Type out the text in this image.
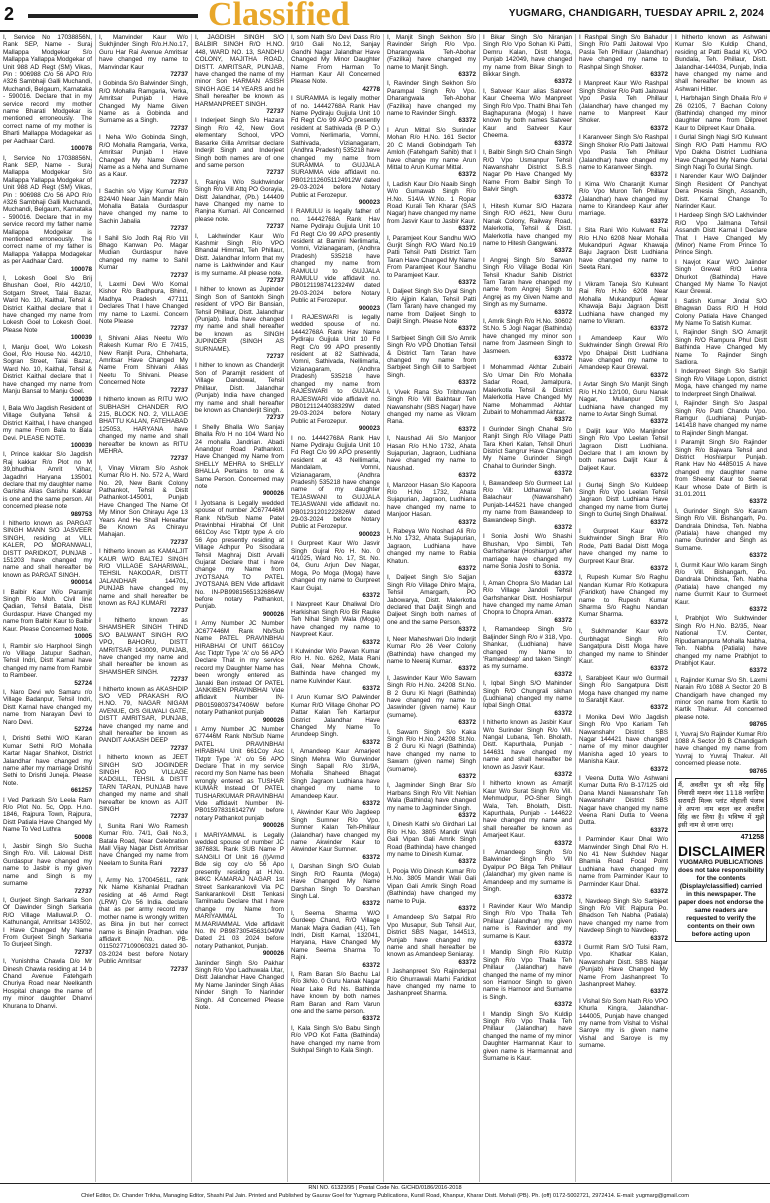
2	Classified	YUGMARG, CHANDIGARH, TUESDAY APRIL 2, 2024
I, Service No 17038856N, Rank SEP, Name - Suraj Mallappa Modgekar S/o Mallappa Yallappa Modgekar of Unit 988 AD Regt (SM) Vikas, Pin : 906988 C/o 56 APO R/o #326 Sambhaji Galli Muchandi, Muchandi, Belgaum, Karnataka - 590016. Declare that in my service record my mother name Bharati Modgekar is mentioned erroneously. The correct name of my mother is Bharti Mallappa Modagekar as per Aadhaar Card.
100078
I, Service No 17038856N, Rank SEP, Name - Suraj Mallappa Modgekar S/o Mallappa Yallappa Modgekar of Unit 988 AD Regt (SM) Vikas, Pin : 906988 C/o 56 APO R/o #326 Sambhaji Galli Muchandi, Muchandi, Belgaum, Karnataka - 590016. Declare that in my service record my father name Mallappa Modgekar is mentioned erroneously. The correct name of my father is Mallappa Yallappa Modagekar as per Aadhaar Card.
100078
I, Lokesh Goel S/o Brij Bhushan Goel, R/o 442/10, Sotgarn Street, Talai Bazar, Ward No. 10, Kaithal, Tehsil & District Kaithal declare that I have changed my name from Lokesh Goel to Lokesh Goel. Please Note
100039
I, Manju Goel, W/o Lokesh Goel, R/o House No. 442/10, Sogran Street, Talai Bazar, Ward No. 10, Kaithal, Tehsil & District Kaithal declare that I have changed my name from Manju Bansal to Manju Goel.
100039
I, Bala W/o Jagdish Resident of Village Gullyana Tehsil & District Kaithal, I have changed my name From Bala to Bala Devi. PLEASE NOTE.
100039
I, Prince kakkar S/o Jagdish Raj kakkar R/o Plot no M 39,bhudhia Amrit Vihar, Jagadhri Haryana 135001 declare that my daughter name Garisha Alias Garishu Kakkar is one and the same person. All concerned please note
989753
I hitherto known as PARGAT SINGH MANN S/O JASVEER SINGH, residing at VILL KALER, PO MORANWALI, DISTT PARIDKOT, PUNJAB - 151203 have changed my name and shall hereafter be known as PARGAT SINGH.
900014
I Balbir Kaur W/o Paramjit Singh R/o Moh. Civil line Qadian, Tehsil Batala, Distt Gurdaspur. Have Changed my name from Balbir Kaur to Balbir Kaur. Please Concerned Note.
10005
I, Rambir s/o Harphool Singh r/o Village Jatupur Sadhan, Tehsil Indri, Distt Karnal have changed my name from Rambir to Rambeer.
52724
I, Naro Devi w/o Samaru r/o Village Badanpur, Tehsil Indri, Distt Karnal have changed my name from Narayan Devi to Naro Devi.
52724
I, Drishti Sethi W/O Karan Kumar Sethi R/O Mohalla Kartar Nagar Shahkot, District Jalandhar have changed my name after my marriage Drishti Sethi to Drishti Juneja. Please Note.
661257
I Ved Parkash S/o Leela Ram R/o Plot No. 5c, Opp. H.no. 1846, Rajpura Town, Rajpura, Distt Patiala Have Changed My Name To Ved Luthra
50008
I, Jasbir Singh S/o Sucha Singh R/o. Vill. Lalowal Distt Gurdaspur have changed my name to Jasbir is my given name and Singh is my surname
72737
I, Gurjeet Singh Sarkaria Son Of Dawinder Singh Sarkaria R/O Village Malluwal.P. O. Kathunangal, Amritsar 143502, I Have Changed My Name From Gurjeet Singh Sarkaria To Gurjeet Singh.
72737
I, Yunishtha Chawla D/o Mr Dinesh Chawla residing at 14 b Chand Avenue Fatehgarh Churiya Road near Neelkanth Hospital change the name of my minor daughter Dhanvi Khurana to Dhanvi.
I, Manvinder Kaur W/o Sukhjinder Singh R/o.H.No.17, Guru Har Rai Avenue Amritsar have changed my name to Manvindar Kaur
72737
I Gobinda S/o Balwinder Singh, R/O Mohalla Ramgaria, Verka, Amritsar Punjab I Have Changed My Name Given Name as a Gobinda and Surname as a Singh.
72737
I Neha W/o Gobinda Singh, R/O Mohalla Ramgaria, Verka, Amritsar Punjab I Have Changed My Name Given Name as a Neha and Surname as a Kaur.
72737
I Sachin s/o Vijay Kumar R/o B24/40 Near Jain Mandir Main Mohalla Batala Gurdaspur have changed my name to Sachin Jabalia
72737
I Sahil S/o Jodh Raj R/o Vill Bhago Kanwan Po. Magar Mudian Gurdaspur have changed my name to Sahil Kumar
72737
I, Laxmi Devi W/o Komal Kishor R/o Badhpura, Bhind, Madhya Pradesh 477111 Declares That I have Changed my name to Laxmi. Concern Note Please
72737
I, Shivani Alias Neetu W/o Rakesh Kumar R/o E 7/415, New Ranjit Pura, Chheharta, Amritsar Have Changed My Name From Shivani Alias Neetu To Shivani. Please Concerned Note
72737
I hitherto known as RITU W/O SUBHASH CHANDER R/O 215, BLOCK NO. 2, VILLAGE BHATTU KALAN, FATEHABAD 125053, HARYANA have changed my name and shall hereafter be known as RITU MEHRA.
72737
I, Vinay Vikram S/o Ashok Kumar R/o H. No. 572 A, Ward No. 29, New Bank Colony Pathankot, Tehsil & Distt Pathankot-145001, Punjab Have Changed The Name Of My Minor Son Chirayu Age 13 Years And He Shall Hereafter Be Known As Chirayu Mahajan.
72737
I hitherto known as KAMALJIT KAUR W/O BALTEJ SINGH R/O VILLAGE SAHARIWAL, TEHSIL NAKODAR, DISTT JALANDHAR 144701, PUNJAB have changed my name and shall hereafter be known as RAJ KUMARI
72737
I hitherto known as SHAMSHER SINGH THIND S/O BALWANT SINGH R/O VPO, BAHORU, DISTT AMRITSAR 143009, PUNJAB, have changed my name and shall hereafter be known as SHAMSHER SINGH.
72737
I hitherto known as AKASHDIP S/O VED PRAKASH R/O H.NO. 79, NAGAR NIGAM AVENUE, O/S GILWALI GATE, DISTT AMRITSAR, PUNJAB, have changed my name and shall hereafter be known as PANDIT AAKASH DEEP
72737
I hitherto known as JEET SINGH S/O JOGINDER SINGH R/O VILLAGE KADGILL, TEHSIL & DISTT TARN TARAN, PUNJAB have changed my name and shall hereafter be known as AJIT SINGH
72737
I, Sunita Rani W/o Ramesh Kumar R/o. 74/1, Gali No.3, Batala Road, Near Celebration Mall Vijay Nagar Distt Amritsar have Changed my name from Neelam to Sunita Rani
72737
I, Army No. 17004561L, rank Nk Name Kishanlal Pradhan residing at 46 Armd Regt (LRW) C/o 56 India. declare that as per army record my mother name is wrongly written as Bina jin but her correct name is Binajin Pradhan. vide affidavit No. PB-01150277109060321 dated 30-03-2024 best before Notary Public Amritsar
72737
I, JAGDISH SINGH S/O BALBIR SINGH R/O H.NO. 448, WARD NO. 13, SANDHU COLONY, MAJITHA ROAD, DISTT. AMRITSAR, PUNJAB, have changed the name of my minor Son HARMAN ASISH SINGH AGE 14 YEARS and he Shall hereafter be known as HARMANPREET SINGH.
72737
I Inderjeet Singh S/o Hazara Singh R/o 42, New Govt elementary School, VPO Basarke Gilla Amritsar declare Inderjit Singh and Inderjeet Singh both names are of one and same person
72737
I, Ranjna W/o Sukhwinder Singh R/o Vill Attq PO Gorayia, Distt Jalandhar, (Pb.) 144409 have Changed my name to Ranjna Kumari. All Concerned please note.
72737
I, Lakhwinder Kaur W/o Kashmir Singh R/o VPO Bhandal Himmat, Teh Phillaur, Distt. Jalandhar Inform that my name is Lakhwinder and Kaur is my surname. All please note.
72737
I hither to known as Jupinder Singh Son of Santokh Singh resident of VPO Bir Bansian, Tehsil Phillaur, Distt. Jalandhar (Punjab). India have changed my name and shall hereafter be known as SINGH JUPINDER (SINGH AS SURNAME).
72737
I hither to known as Chanderjit Son of Paramjit resident of Village Dandowal, Tehsil Phillaur, Distt. Jalandhar (Punjab) India have changed my name and shall hereafter be known as Chanderjit Singh.
72737
I Shelly Bhalla W/o Sanjay Bhalla R/o H no 104 Ward No 24 mohalla Jandrian. Abadi Anandpur Road Pathankot. Have Changed my Name from SHELLY MEHRA to SHELLY BHALLA Pertains to one & Same Person. Concerned may note
900026
I Jyotsana is Legally wedded spouse of number JC677446M Rank Nb/Sub Name Patel Pravinbhai Hirabhai Of Unit 661Coy Asc Tktptr type A c/o 56 Apo presently residing at Village Adhpur Po Sisodara Tehsil Maghraj Distt Arvalli Gujarat Declare that i have change my Name from JYOTSANA TO PATEL JYOTSANA BEN Vide affidavit No. IN-PB99815651326864W before notary Pathankot, Punjab.
900026
I Army Number JC Number JC677446M Rank Nb/Sub Name PATEL PRAVINBHAI HIRABHAI Of UNIT 661Coy Asc Tktptr Type 'A' c/o 56 APO Declare That in my service record my Daughter Name has been wrongly entered as Janaki Ben instead Of PATEL JANKIBEN PRAVINBHAI Vide affidavit Number IN-PB01598037347406W before notary Pathankot punjab
900026
I Army Number JC Number 677446M Rank Nb/Sub Name PATEL PRAVINBHAI HIRABHAI Unit 661Coy Asc Tktptr Type 'A' c/o 56 APO Declare That in my service record my Son Name has been wrongly entered as TUSHAR KUMAR Instead Of PATEL TUSHARKUMAR PRAVINBHAI Vide affidavit Number IN-PB0159783161427W before notary Pathankot punjab
900026
I MARIYAMMAL is Legally wedded spouse of number JC 387683L Rank SUB Name P SANGILI Of Unit 16 (I)Armd Bde sig coy c/o 56 Apo presently residing at H.No. 84KC KAMARAJ NAGAR 1st Street Sankarankovil Via PC Sankarankovil Distt Tenkasi Tamilnadu Declare that I have change my Name from MARIYAMMAL To M.MARIAMMAL Vide affidavit No. IN PB98730545631049W Dated 21 03 2024 before notary Pathankot, Punjab.
900026
Janinder Singh S/o Pakhar Singh R/o Vpo Ladhuwala Utar, Distt Jalandhar Have Changed My Name Janinder Singh Alias Ninder Singh To Narinder Singh. All Concerned Please Note.
I, som Nath S/o Devi Dass R/o 9/10 Gali No.12, Sanjay Gandhi Nagar Jalandhar Have Changed My Minor Daughter Name From Harman To Harman Kaur All Concerned Please Note.
42778
I SURAMMA is legally mother of no. 14442768A Rank Hav Name Pydiraju Gujjula Unit 10 Fd Regt C/o 99 APO presently resident at Sathivada (B P O.) Vomni, Nerlimarla, Vomni, Sathivada, Vizianagaram, (Andhra Pradesh) 535218 have changed my name from SURAMMA to GUJJALA SURAMMA vide affidavit no. PB0121126051124912W dated 29-03-2024 before Notary Public at Ferozepur.
900023
I RAMULU is legally father of no. 14442768A Rank Hav Name Pydiraju Gujjula Unit 10 Fd Regt C/o 99 APO presently resident at Bamini Nerlimarla, Vomni, Vizianagaram, (Andhra Pradesh) 535218 have changed my name from RAMULU to GUJJALA RAMULU vide affidavit no. PB01211987412324W dated 29-03-2024 before Notary Public at Ferozepur.
900023
I RAJESWARI is legally wedded spouse of no. 14442768A Rank Hav Name Pydiraju Gujjula Unit 10 Fd Regt C/o 99 APO presently resident at 82 Sathivada, Vomni, Sathivada, Nellimarla, Vizianagaram, (Andhra Pradesh) 535218 have changed my name from RAJESWARI to GUJJALA RAJESWARI vide affidavit no. PB01211244038329W dated 29-03-2024 before Notary Public at Ferozepur.
900023
I no. 14442768A Rank Hav Name Pydiraju Gujjula Unit 10 Fd Regt C/o 99 APO presently resident at 43 Nellimarla, Mandalam, Vomni, Vizianagaram, (Andhra Pradesh) 535218 have change name of my daughter TEJASWANI to GUJJALA TEJASWANI vide affidavit no. PB01231201222826W dated 29-03-2024 before Notary Public at Ferozepur.
900023
I Gurpreet Kaur W/o Jasvir Singh Gujral R/o H. No. 0 4/1025, Ward No. 17, St. No. 04, Guru Arjun Dev Nagar, Moga, Po Moga (Moga) have changed my name to Gurpreet Kaur Gujal.
63372
I Navpreet Kaur Dhaliwal D/o Harkishan Singh R/o Bir Rauke Teh Nihal Singh Wala (Moga) have changed my name to Navpreet Kaur.
63372
I Kulwinder W/o Pawan Kumar R/o H. No. 6262, Mata Rani Gali, Near Mehna Chowk, Bathinda have changed my name Kulvinder Kaur.
63372
I Arun Kumar S/O Palwinder Kumar R/O Village Ghohar PO Pattar Kalan Teh Kartarpur District Jalandhar Have Changed My Name To Arundeep Singh.
63372
I, Amandeep Kaur Amarjeet Singh Mehra W/o Gurwinder Singh Sapall R/o 31/9A, Mohalla Shaheed Bhagat Singh Jagraon Ludhiana have changed my name to Amandeep Kaur.
63372
I, Akwinder Kaur W/o Jagdeep Singh Sumner R/o Vpo. Sumner Kalan Teh-Phillaur (Jalandhar) have changed my name Akwinder Kaur to Akwinder Kaur Sumner.
63372
I, Darshan Singh S/O Gulab Singh R/O Raunta (Moga) Have Changed My Name Darshan Singh To Darshan Singh Lal.
63372
I, Seema Sharma W/O Gurdeep Chand, R/O Village Manak Majra Gadian (41), Teh Indri, Distt Karnal, 132041, Haryana, Have Changed My Name Seema Sharma To Rajni.
63372
I, Ram Baran S/o Bachu Lal R/o 3kNo. 0 Guru Nanak Nagar Near Lake Rd Ns. Bathinda have known by both names Ram Baran and Ram Varun one and the same person.
63372
I, Kala Singh S/o Babu Singh R/o VPO Kot Fatta (Bathinda) have changed my name from Sukhpal Singh to Kala Singh.
I, Manjit Singh Sekhon S/o Ravinder Singh R/o Vpo. Dharangwala Teh-Abohar (Fazilka) have changed my name to Manjit Singh.
63372
I, Ravinder Singh Sekhon S/o Parampal Singh R/o Vpo. Dharangwala Teh-Abohar (Fazilka) have changed my name to Ravinder Singh.
63372
I Arun Mittal S/o Surinder Mohan R/o H.No. 161 Sector 20 C Mandi Gobindgarh Teh Amloh (Fatehgarh Sahib) that I have change my name Arun Mittal to Arun Kumar Mittal.
63372
I, Ladish Kaur D/o Naaib Singh W/o Gurnawab Singh R/o H.No. 514/A W.No. 1 Ropar Road Kurali Teh Kharar (SAS Nagar) have changed my name from Jasvir Kaur to Jasbir Kaur.
63372
I, Paramjeet Kour Sandhu W/O Gurjit Singh R/O Ward No.19 Patti Tehsil Patti District Tarn Taran Have Changed My Name From Paramjeet Kour Sandhu to Paramjeet Kaur.
63372
I, Daljeet Singh S/o Dyal Singh R/o Ajjpin Kalan, Tehsil Patti (Tarn Taran) have changed my name from Daljeet Singh to Daljit Singh. Please Note
63372
I Sarbjeet Singh Gill S/o Amrik Singh R/o VPO Dhottian Tehsil & District Tarn Taran have changed my name from Sarbjeet Singh Gill to Sarbjeet Singh.
63372
I, Vivek Rana S/o Tribhuwan Singh R/o Vill Bakhtaur Teh Nawanshahr (SBS Nagar) have changed my name as Vikram Rana.
63372
I, Naushad Ali S/o Manjoor Hasan R/o H.No 1732, Ahata Sujapurian, Jagraon, Ludhiana have changed my name to Naushad.
63372
I, Manzoor Hasan S/o Kapoora R/o H.No 1732, Ahata Sujapurian, Jagraon, Ludhiana have changed my name to Manjoor Hasan.
63372
I, Rabeya W/o Noshad Ali R/o H.No 1732, Ahata Sujapurian, Jagraon, Ludhiana have changed my name to Rabia Khatun.
63372
I, Daljeet Singh S/o Sajjan Singh R/o Village Dhiro Majra, Tehsil Amargarh, PO Jabowarya, Distt. Malerkotla declared that Daljit Singh and Daljeet Singh both names of one and the same Person.
63372
I, Neer Maheshwari D/o Inderjit Kumar R/o 26 Veer Colony (Bathinda) have changed my name to Neeraj Kumar.
63372
I, Jaswinder Kaur W/o Sawarn Singh R/o H.No. 24208 St.No. B 2 Guru Ki Nagri (Bathinda) have changed my name to Jaswinder (given name) Kaur (surname).
63372
I, Sawarn Singh S/o Kaka Singh R/o H.No. 24208 St.No. B 2 Guru Ki Nagri (Bathinda) have changed my name to Sawarn (given name) Singh (surname).
63372
I, Jagminder Singh Brar S/o Harbans Singh R/o Vill: Nehian Wala (Bathinda) have changed my name to Jagminder Singh.
63372
I, Dinesh Kathi s/o Girdhari Lal R/o H.No. 3805 Mandir Wali Gali Vipan Gali Amrik Singh Road (Bathinda) have changed my name to Dinesh Kumar.
63372
I, Pooja W/o Dinesh Kumar R/o H.No. 3805 Mandir Wali Gali Vipan Gali Amrik Singh Road (Bathinda) have changed my name to Puja.
63372
I Amandeep S/o Satpal R/o Vpo Musapur, Sub Tehsil Aur, District SBS Nagar, 144513, Punjab have changed my name and shall hereafter be known as Amandeep Seniaray.
63372
I Jashanpreet S/o Rajinderpal R/o Ghurrawali Marhi Faridkot have changed my name to Jashanpreet Sharma.
I Bikar Singh S/o Niranjan Singh R/o Vpo Sohan Ki Patti, Demru Kalan, Distt Moga, Punjab 142049, have changed my name from Bikar Singh to Bikkar Singh.
63372
I, Satveer Kaur alias Satveer Kaur Cheema W/o Manpreet Singh R/o Vpo. Thathi Bhai Teh Baghapurana (Moga) I have known by both names Satveer Kaur and Satveer Kaur Cheema.
63372
I, Balbir Singh S/O Chain Singh R/O Vpo Usmanpur Tehsil Nawanshahr District S.B.S Nagar Pb Have Changed My Name From Balbir Singh To Balvir Singh.
63372
I, Hitesh Kumar S/O Hazara Singh R/O #621, New Guru Nanak Colony, Railway Road, Malerkotla, Tehsil & Distt. Malerkotla have changed my name to Hitesh Gangwani.
63372
I Angrej Singh S/o Sarwan Singh R/o Village Bodal Kiri Tehsil Khadur Sahib District Tarn Taran have changed my name from Angrej Singh to Angrej as my Given Name and Singh as my Surname.
63372
I, Amrik Singh R/o H.No. 30602 St.No. 5 Jogi Nagar (Bathinda) have changed my minor son name from Jasmeen Singh to Jasmeen.
63372
I Mohammad Akhtar Zubairi S/o Umar Din R/o Mohalla Sadar Road, Jamalpura, Malerkotla Tehsil & District Malerkotla Have Changed My Name Mohammad Akhtar Zubairi to Mohammad Akhtar.
63372
I Gurinder Singh Chahal S/o Ranjit Singh R/o Village Patti Tara Kheri Kalan, Tehsil Dhuri District Sangrur Have Changed My Name Gurinder Singh Chahal to Gurinder Singh.
63372
I, Bawandeep S/o Gurmeet Lal R/o Vill: Udhanwal Teh Balachaur (Nawanshahr) Punjab-144521 have changed my name from Bawandeep to Bawandeep Singh.
63372
I Sonia Joshi W/o Shashi Bhushan, Vpo Simbli, Teh Garhshankar (Hoshiarpur) after marriage have changed my name Sonia Joshi to Sonia.
63372
I, Aman Chopra S/o Madan Lal R/o Village Jandoli Tehsil Garhshankar Distt. Hoshiarpur have changed my name Aman Chopra to Chopra Aman.
63372
I, Ramandeep Singh S/o Baljinder Singh R/o # 318, Vpo. Shankar, (Ludhiana) have changed my Name to 'Ramandeep' and taken 'Singh' as my surname.
63372
I, Iqbal Singh S/O Mahinder Singh R/O Chungrali sikhan (Ludhiana) changed my name Iqbal Singh Ottal.
63372
I hitherto known as Jasbir Kaur W/o Surinder Singh R/o Vill. Nangal Lubana, Teh. Bholath, Distt. Kapurthala, Punjab - 144631 have changed my name and shall hereafter be known as Jasvir Kaur.
63372
I hitherto known as Amarjit Kaur W/o Surat Singh R/o Vill. Mehmudpur, PO-Sher Singh Wala, Teh. Bholath, Distt. Kapurthala, Punjab - 144622 have changed my name and shall hereafter be known as Amarjeet Kaur.
63372
I Amandeep Singh S/o Balwinder Singh R/o Vill Dyalpur PO Bilga Teh Phillaur (Jalandhar) my given name is Amandeep and my surname is Singh.
63372
I Ravinder Kaur W/o Mandip Singh R/o Vpo Thalla Teh Phillaur (Jalandhar) my given name is Ravinder and my surname is Kaur.
63372
I Mandip Singh R/o Kulzip Singh R/o Vpo Thalla Teh Phillaur (Jalandhar) have changed the name of my minor son Harnoor Singh to given name is Harnoor and Surname is Singh.
63372
I Mandip Singh S/o Kuldip Singh R/o Vpo Thalla Teh Phillaur (Jalandhar) have changed the name of my minor Daughter Harmannat Kaur to given name is Harmannat and Surname is Kaur.
I Rashpal Singh S/o Bahadur Singh R/o Patti Jaitowal Vpo Pasla Teh Phillaur (Jalandhar) have changed my name to Rashpal Singh Shoker.
63372
I Manpreet Kaur W/o Rashpal Singh Shoker R/o Patti Jaitowal Vpo Pasla Teh Phillaur (Jalandhar) have changed my name to Manpreet Kaur Shoker.
63372
I Karanveer Singh S/o Rashpal Singh Shoker R/o Patti Jaitowal Vpo Pasla Teh Phillaur (Jalandhar) have changed my name to Karanveer Singh.
63372
I Kima W/o Charanjit Kumar R/o Vpo Muron Teh Phillaur (Jalandhar) have changed my name to Kirandeep Kaur after marriage.
63372
I Sita Rani W/o Kulwant Rai R/o H.No 6208 Near Mohalla Mukandpuri Agwar Khawaja Baju Jagraon Distt Ludhiana have changed my name to Seeta Rani.
63372
I Vikram Taneja S/o Kulwant Rai R/o H.No 6208 Near Mohalla Mukandpuri Agwar Khawaja Baju Jagraon Distt Ludhiana have changed my name to Vikram.
63372
I Amandeep Kaur W/o Sukhwinder Singh Grewal R/o Vpo Dhaipai Distt Ludhiana have changed my name to Amandeep Kaur Grewal.
63372
I Avtar Singh S/o Manjit Singh R/o H.No 12/100, Guru Nanak Nagar, Mullanpur Distt Ludhiana have changed my name to Avtar Singh Sumal.
63372
I Daljit kaur W/o Manjinder Singh R/o Vpo Leelan Tehsil Jagraon Distt Ludhiana. Declare that I am known by both names Daljit Kaur & Daljeet Kaur.
63372
I Gurtej Singh S/o Kuldeep Singh R/o Vpo Leelan Tehsil Jagraon Distt Ludhiana Have changed my name from Gurtej Singh to Gurtej Singh Dhaliwal.
63372
I Gurpreet Kaur W/o Sukhwinder Singh Brar R/o Rode, Patti Badal Distt Moga have changed my name to Gurpreet Kaur Brar.
63372
I, Rupesh Kumar S/o Raghu Nandan Kumar R/o Kotkapura (Faridkot) have Changed my name to Rupesh Kumar Sharma S/o Raghu Nandan Kumar Sharma.
63372
I, Sukhmander Kaur w/o Gurbhagat Singh R/o Sangatpura Distt Moga have changed my name to Shinder Kaur.
63372
I, Sarabjeet Kaur w/o Gurmail Singh R/o Sangatpura Distt Moga have changed my name to Sarabjit Kaur.
63372
I Monika Devi W/o Jagdish Singh R/o Vpo Kariam Teh Nawanshahr District SBS Nagar 144421 have changed name of my minor daughter Manisha aged 10 years to Manisha Kaur.
63372
I Veena Dutta W/o Ashwani Kumar Dutta R/o B-17/125 old Dana Mandi Nawanshahr Teh Nawanshahr District SBS Nagar have changed my name Veena Rani Dutta to Veena Dutta.
63372
I Parminder Kaur Dhal W/o Manwinder Singh Dhal R/o H. No 41 New Sukhdev Nagar Bhamia Road Focal Point Ludhiana have changed my name from Parminder Kaur to Parminder Kaur Dhal.
63372
I, Navdeep Singh S/o Sarbjeet Singh R/o Vill: Rajpura Po. Bhadson Teh Nabha (Patiala) have changed my name from Navdeep Singh to Navdeep.
63372
I Gurmit Ram S/O Tulsi Ram, Vpo. Khatkar Kalan, Nawanshahr Distt. SBS Nagar (Punjab) Have Changed My Name From Jashanpreet To Jashanpreet Mahey.
63372
I Vishal S/o Som Nath R/o VPO Khurla Kingra, Jalandhar-144005, Punjab have changed my name from Vishal to Vishal Saroye my is given name Vishal and Saroye is my surname.
I hitherto known as Ashwani Kumar S/o Kuldip Chand, residing at Patti Badal Ki, VPO Bundala, Teh. Phillaur, Distt. Jalandhar-144034, Punjab, India have changed my name and shall hereafter be known as Ashwani Hitter.
I, Harbhajan Singh Dhaila R/o # Z6 02105, 7 Bachan Colony (Bathinda) changed my minor daughter name from Dilpreet Kaur to Dilpreet Kaur Dhaila.
I Gurlal Singh Nagi S/O Kulwant Singh R/O Patti Hammu R/O Vpo Dakha District Ludhiana Have Changed My Name Gurlal Singh Nagi To Gurlal Singh.
I Narender Kaur W/O Daljinder Singh Resident Of Panchyat Dera Pnesia Singh, Assandh, Distt. Karnal Change To Narinder Kaur.
I Hardeep Singh S/O Lakhvinder R/O Vpo Jalmana Tehsil Assandh Distt Karnal I Declare That I Have Changed My (Minor) Name From Prince To Prince Singh.
I Navjot Kaur W/O Jaiinder Singh Grewal R/O Lehra Dhurkot (Bathinda) Have Changed My Name To Navjot Kaur Grewal.
I Satish Kumar Jindal S/O Bhagwan Dass R/O H Hold Colony Patiala Have Changed My Name To Satish Kumar.
I, Rajinder Singh S/O Amarjit Singh R/O Rampura Phul Distt Bathinda Have Changed My Name To Rajinder Singh Sadiora.
I Inderpreet Singh S/o Sarbjit Singh R/o Village Lopon, district Moga, have changed my name to Inderpreet Singh Dhaliwal.
I, Rajinder Singh S/o Jaspal Singh R/o Patti Chandu Vpo. Ramgur (Ludhiana) Punjab-141418 have changed my name to Rajinder Singh Mangat.
I Paramjit Singh S/o Rajinder Singh R/o Bajwara Tehsil and District Hoshiarpur Punjab. Rank Hav No 4485015 A have changed my daughter name from Sheerat Kaur to Seerat Kaur whose Date of Birth is 31.01.2011
63372
I, Gurinder Singh S/o Karam Singh R/o Vill. Bishangarh, Po. Dandrala Dhindsa, Teh. Nabha (Patiala) have changed my name Gurinder and Singh as Surname.
63372
I, Gurmit Kaur W/o karam Singh R/o Vill. Bishangarh, Po. Dandrala Dhindsa, Teh. Nabha (Patiala) have changed my name Gurmit Kaur to Gurmeet Kaur.
63372
I, Prabhjot W/o Sukhwinder Singh R/o H.No. B2/35, Near National T.V. Center, Ripudamanpura Mohalla Nabha, Teh. Nabha (Patiala) have changed my name Prabhjot to Prabhjot Kaur.
63372
I, Rajinder Kumar S/o Sh. Laxmi Narain R/o 1088 A Sector 20 B Chandigarh have changed my minor son name from Kartik to Kartik Thakur. All concerned please note.
98765
I, Yuvraj S/o Rajinder Kumar R/o 1088 A Sector 20 B Chandigarh have changed my name from Yuvraj to Yuvraj Thakur. All concerned please note.
98765
मैं, अवतीश पुत्र श्री नरेंद्र सिंह निवासी मकान नंबर 1118 नवादिया सरायटी मिल्क प्लांट मोहाली पंजाब ने अपना नाम बदल कर अवतीश सिंह कर लिया है। भविष्य में मुझे इसी नाम से जाना जाए।
471258
DISCLAIMER
YUGMARG PUBLICATIONS does not take responsibility for the contents (Display/classified) carried in this newspaper. The paper does not endorse the same readers are requested to verify the contents on their own before acting upon
RNI NO. 61323/95 | Postal Code No. G/CHD/0186/2016-2018
Chief Editor, Dr. Chander Trikha, Managing Editor, Shashi Pal Jain. Printed and Published by Gaurav Goel for Yugmarg Publications, Kursil Road, Khanpur, Kharar Distt. Mohali (PB). Ph. (off) 0172-5002721, 2972414. E-mail: yugmarg@gmail.com
